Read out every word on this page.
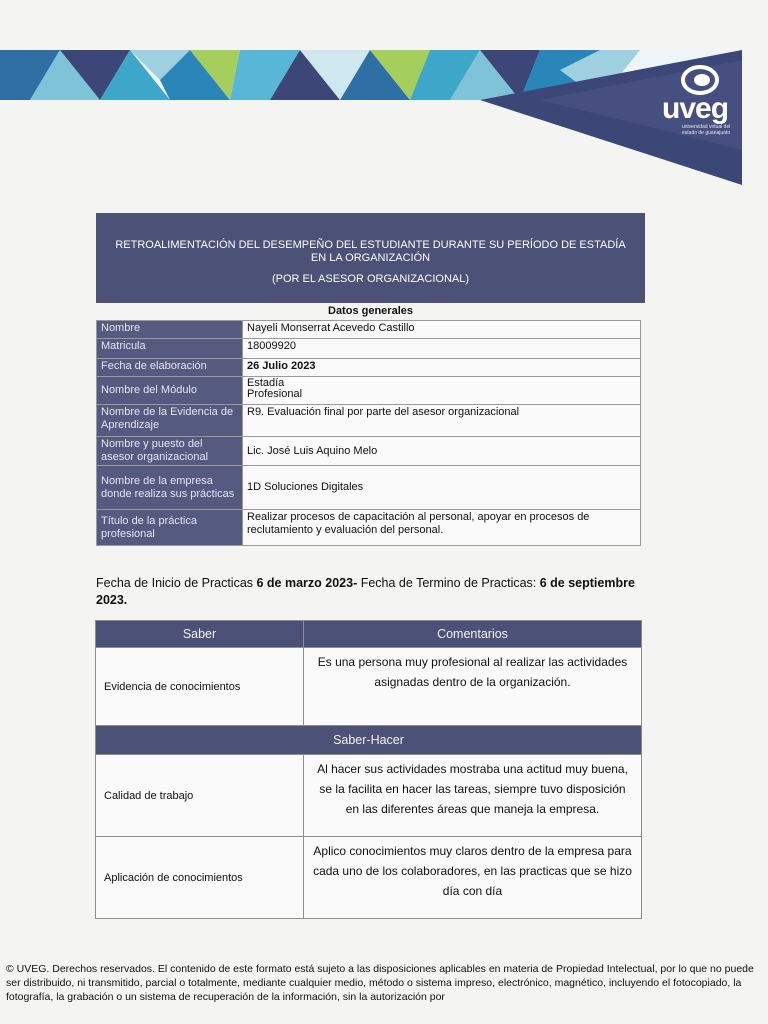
uveg
universidad virtual del estado de guanajuato
RETROALIMENTACIÓN DEL DESEMPEÑO DEL ESTUDIANTE DURANTE SU PERÍODO DE ESTADÍA EN LA ORGANIZACIÓN
(POR EL ASESOR ORGANIZACIONAL)
Datos generales
Nombre	Nayeli Monserrat Acevedo Castillo
Matricula	18009920
Fecha de elaboración	26 Julio 2023
Nombre del Módulo	Estadía
Profesional

Nombre de la Evidencia de Aprendizaje	R9. Evaluación final por parte del asesor organizacional
Nombre y puesto del asesor organizacional	Lic. José Luis Aquino Melo
Nombre de la empresa donde realiza sus prácticas	1D Soluciones Digitales
Título de la práctica profesional	Realizar procesos de capacitación al personal, apoyar en procesos de reclutamiento y evaluación del personal.
Fecha de Inicio de Practicas 6 de marzo 2023- Fecha de Termino de Practicas: 6 de septiembre 2023.
Saber	Comentarios
Evidencia de conocimientos	Es una persona muy profesional al realizar las actividades asignadas dentro de la organización.
Saber-Hacer	
Calidad de trabajo	Al hacer sus actividades mostraba una actitud muy buena, se la facilita en hacer las tareas, siempre tuvo disposición en las diferentes áreas que maneja la empresa.
Aplicación de conocimientos	Aplico conocimientos muy claros dentro de la empresa para cada uno de los colaboradores, en las practicas que se hizo día con día
© UVEG. Derechos reservados. El contenido de este formato está sujeto a las disposiciones aplicables en materia de Propiedad Intelectual, por lo que no puede ser distribuido, ni transmitido, parcial o totalmente, mediante cualquier medio, método o sistema impreso, electrónico, magnético, incluyendo el fotocopiado, la fotografía, la grabación o un sistema de recuperación de la información, sin la autorización por
